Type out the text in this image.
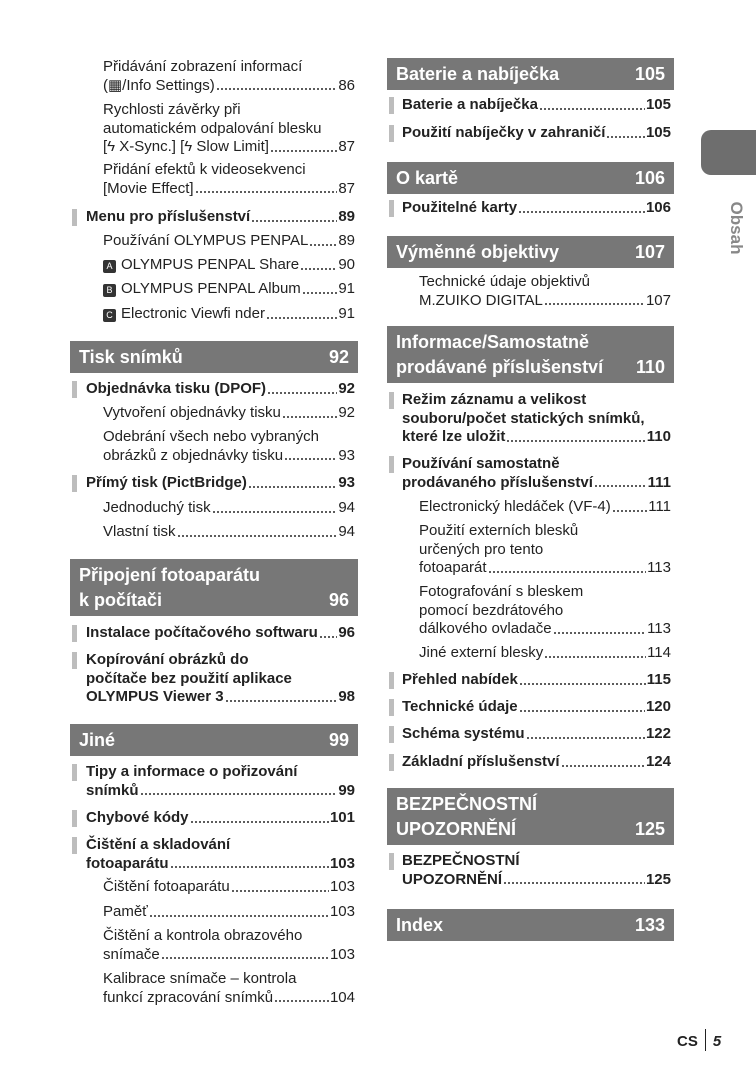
Přidávání zobrazení informací
(▦/Info Settings)	86
Rychlosti závěrky při
automatickém odpalování blesku
[ϟ X-Sync.] [ϟ Slow Limit]	87
Přidání efektů k videosekvenci
[Movie Effect]	87
Menu pro příslušenství	89
Používání OLYMPUS PENPAL 89
A OLYMPUS PENPAL Share	90
B OLYMPUS PENPAL Album	91
C Electronic Viewfi nder	91
Tisk snímků	92
Objednávka tisku (DPOF)	92
Vytvoření objednávky tisku	92
Odebrání všech nebo vybraných
obrázků z objednávky tisku	93
Přímý tisk (PictBridge)	93
Jednoduchý tisk	94
Vlastní tisk	94
Připojení fotoaparátu
k počítači	96
Instalace počítačového softwaru 96
Kopírování obrázků do
počítače bez použití aplikace
OLYMPUS Viewer 3	98
Jiné	99
Tipy a informace o pořizování
snímků	99
Chybové kódy	101
Čištění a skladování
fotoaparátu	103
Čištění fotoaparátu	103
Paměť	103
Čištění a kontrola obrazového
snímače	103
Kalibrace snímače – kontrola
funkcí zpracování snímků	104
Baterie a nabíječka	105
Baterie a nabíječka	105
Použití nabíječky v zahraničí	105
O kartě	106
Použitelné karty	106
Výměnné objektivy	107
Technické údaje objektivů
M.ZUIKO DIGITAL	107
Informace/Samostatně
prodávané příslušenství 110
Režim záznamu a velikost
souboru/počet statických snímků,
které lze uložit	110
Používání samostatně
prodávaného příslušenství	111
Electronický hledáček (VF-4) 111
Použití externích blesků
určených pro tento
fotoaparát	113
Fotografování s bleskem
pomocí bezdrátového
dálkového ovladače	113
Jiné externí blesky	114
Přehled nabídek	115
Technické údaje	120
Schéma systému	122
Základní příslušenství	124
BEZPEČNOSTNÍ
UPOZORNĚNÍ	125
BEZPEČNOSTNÍ
UPOZORNĚNÍ	125
Index	133
Obsah
CS 5
